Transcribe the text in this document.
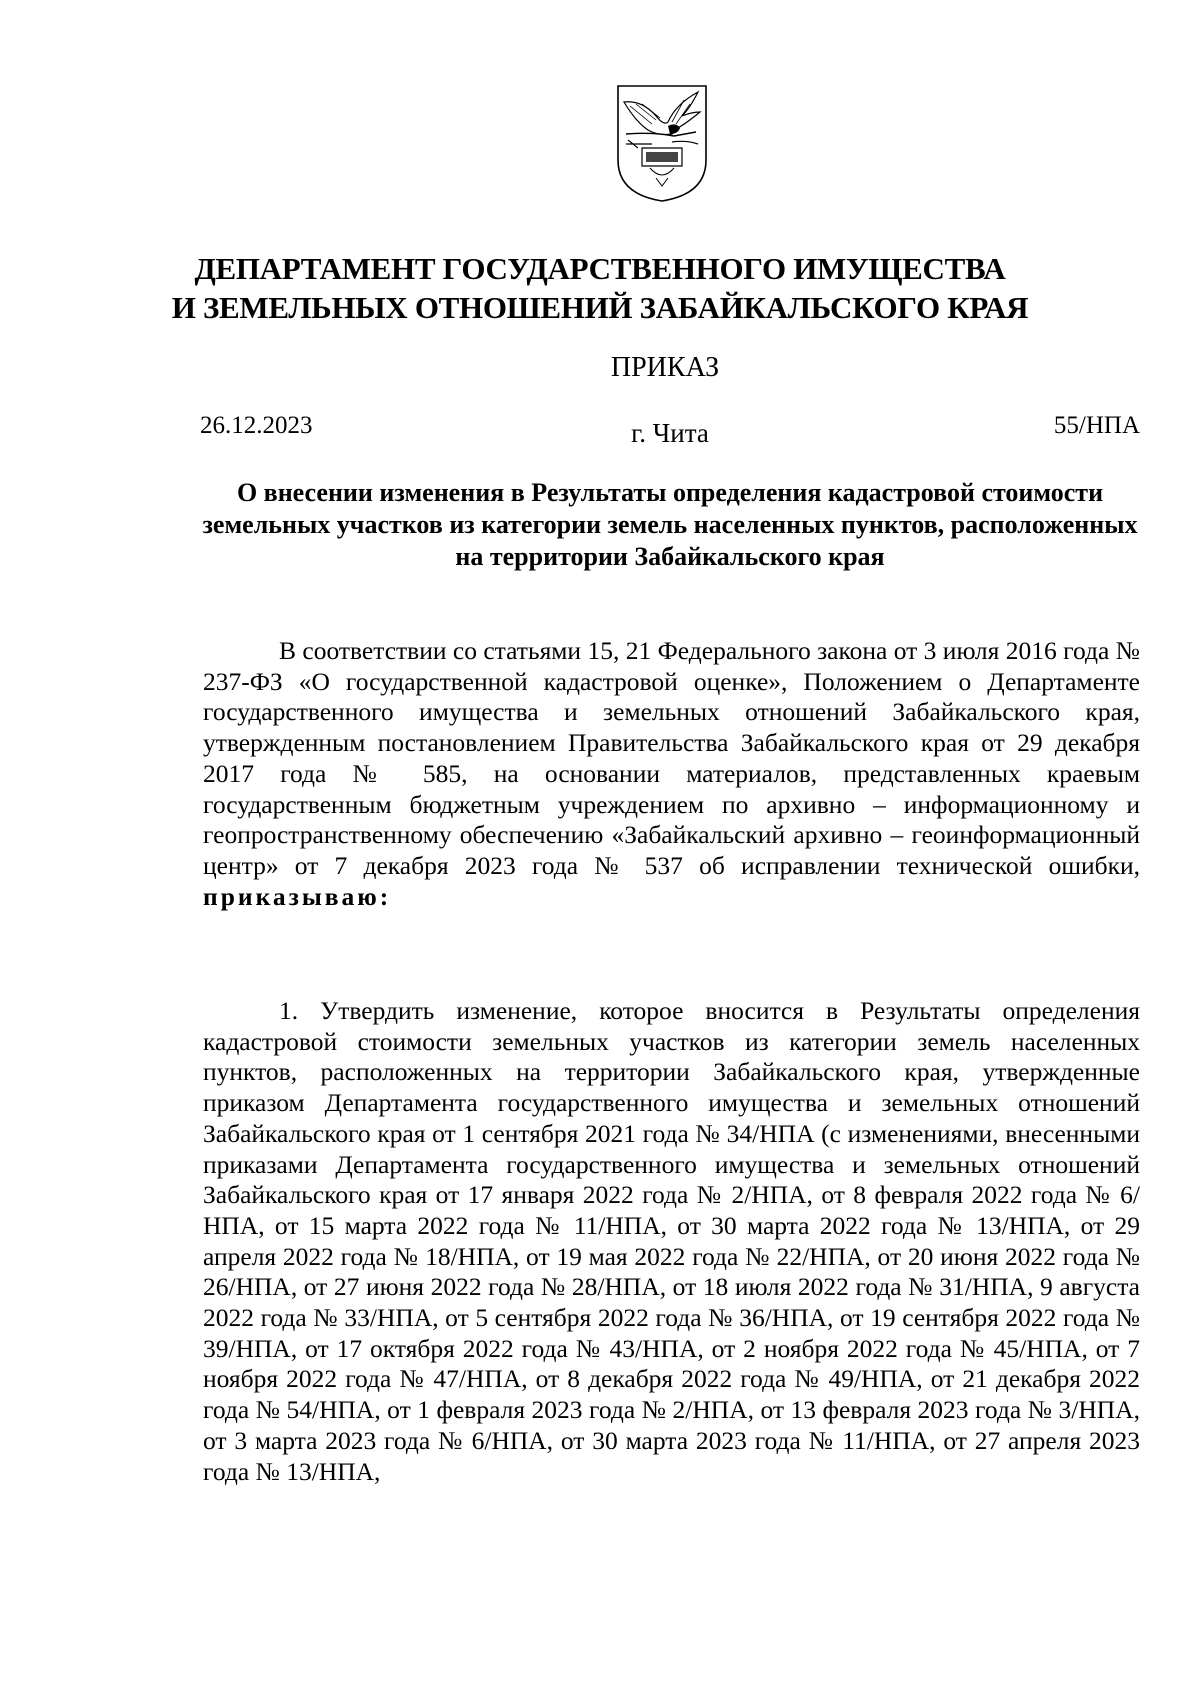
ДЕПАРТАМЕНТ ГОСУДАРСТВЕННОГО ИМУЩЕСТВА
И ЗЕМЕЛЬНЫХ ОТНОШЕНИЙ ЗАБАЙКАЛЬСКОГО КРАЯ
ПРИКАЗ
26.12.2023	г. Чита	55/НПА
О внесении изменения в Результаты определения кадастровой стоимости земельных участков из категории земель населенных пунктов, расположенных на территории Забайкальского края

В соответствии со статьями 15, 21 Федерального закона от 3 июля 2016 года № 237-ФЗ «О государственной кадастровой оценке», Положением о Департаменте государственного имущества и земельных отношений Забайкальского края, утвержденным постановлением Правительства Забайкальского края от 29 декабря 2017 года № 585, на основании материалов, представленных краевым государственным бюджетным учреждением по архивно – информационному и геопространственному обеспечению «Забайкальский архивно – геоинформационный центр» от 7 декабря 2023 года № 537 об исправлении технической ошибки, приказываю:

1. Утвердить изменение, которое вносится в Результаты определения кадастровой стоимости земельных участков из категории земель населенных пунктов, расположенных на территории Забайкальского края, утвержденные приказом Департамента государственного имущества и земельных отношений Забайкальского края от 1 сентября 2021 года № 34/НПА (с изменениями, внесенными приказами Департамента государственного имущества и земельных отношений Забайкальского края от 17 января 2022 года № 2/НПА, от 8 февраля 2022 года № 6/НПА, от 15 марта 2022 года № 11/НПА, от 30 марта 2022 года № 13/НПА, от 29 апреля 2022 года № 18/НПА, от 19 мая 2022 года № 22/НПА, от 20 июня 2022 года № 26/НПА, от 27 июня 2022 года № 28/НПА, от 18 июля 2022 года № 31/НПА, 9 августа 2022 года № 33/НПА, от 5 сентября 2022 года № 36/НПА, от 19 сентября 2022 года № 39/НПА, от 17 октября 2022 года № 43/НПА, от 2 ноября 2022 года № 45/НПА, от 7 ноября 2022 года № 47/НПА, от 8 декабря 2022 года № 49/НПА, от 21 декабря 2022 года № 54/НПА, от 1 февраля 2023 года № 2/НПА, от 13 февраля 2023 года № 3/НПА, от 3 марта 2023 года № 6/НПА, от 30 марта 2023 года № 11/НПА, от 27 апреля 2023 года № 13/НПА,
